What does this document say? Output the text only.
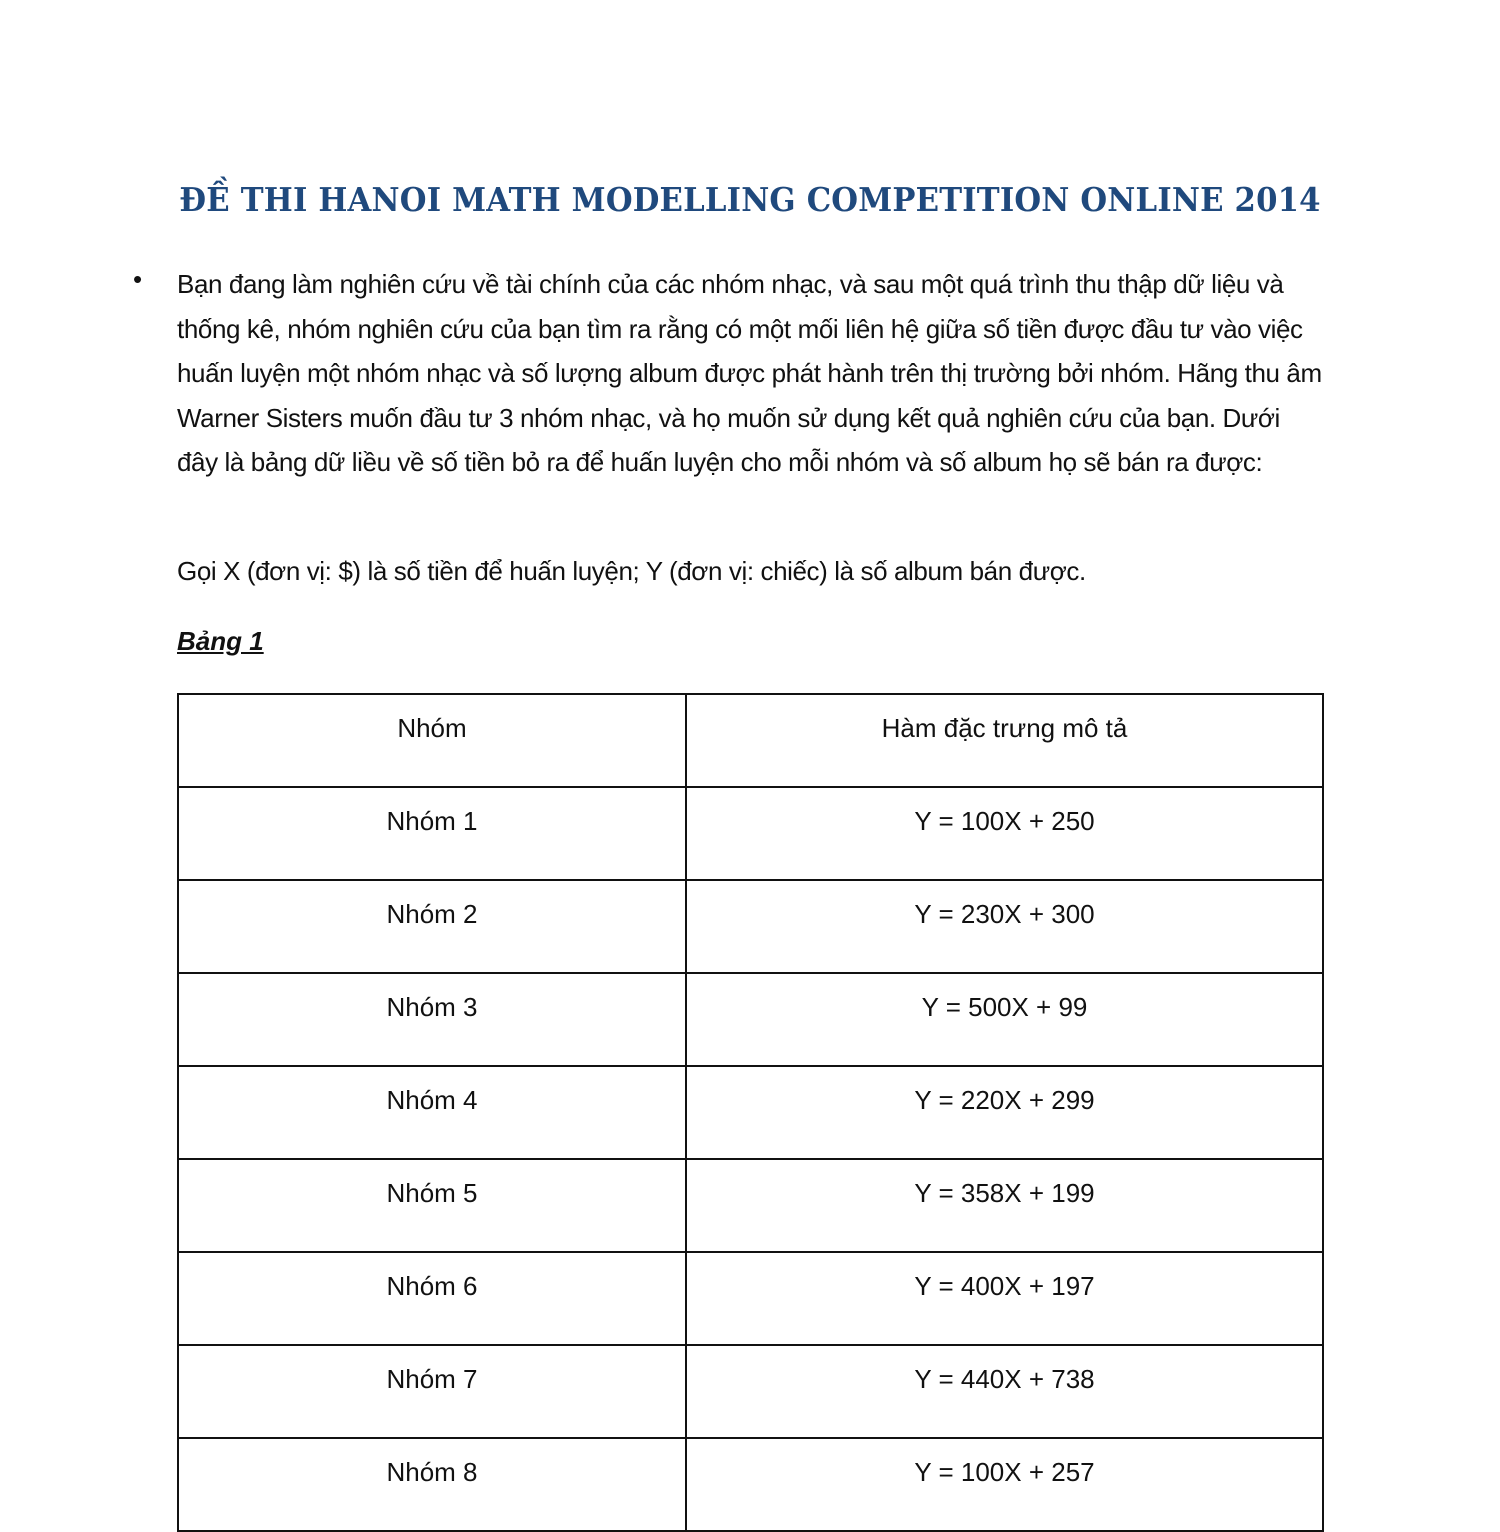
ĐỀ THI HANOI MATH MODELLING COMPETITION ONLINE 2014
• Bạn đang làm nghiên cứu về tài chính của các nhóm nhạc, và sau một quá trình thu thập dữ liệu và thống kê, nhóm nghiên cứu của bạn tìm ra rằng có một mối liên hệ giữa số tiền được đầu tư vào việc huấn luyện một nhóm nhạc và số lượng album được phát hành trên thị trường bởi nhóm. Hãng thu âm Warner Sisters muốn đầu tư 3 nhóm nhạc, và họ muốn sử dụng kết quả nghiên cứu của bạn. Dưới đây là bảng dữ liều về số tiền bỏ ra để huấn luyện cho mỗi nhóm và số album họ sẽ bán ra được:
Gọi X (đơn vị: $) là số tiền để huấn luyện; Y (đơn vị: chiếc) là số album bán được.
Bảng 1
Nhóm	Hàm đặc trưng mô tả
Nhóm 1	Y = 100X + 250
Nhóm 2	Y = 230X + 300
Nhóm 3	Y = 500X + 99
Nhóm 4	Y = 220X + 299
Nhóm 5	Y = 358X + 199
Nhóm 6	Y = 400X + 197
Nhóm 7	Y = 440X + 738
Nhóm 8	Y = 100X + 257
